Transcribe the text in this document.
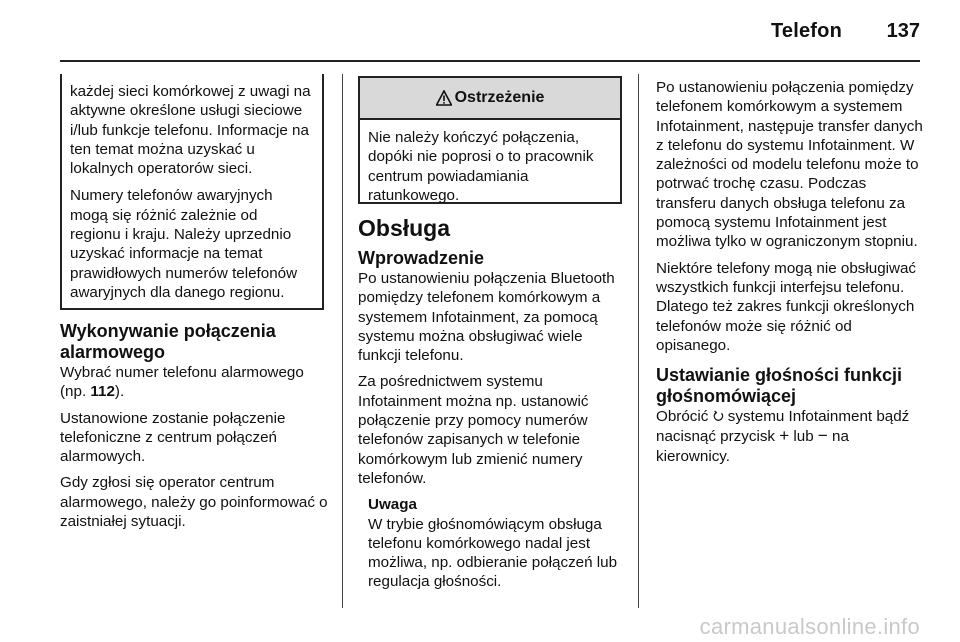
Telefon 137

każdej sieci komórkowej z uwagi na aktywne określone usługi sieciowe i/lub funkcje telefonu. Informacje na ten temat można uzyskać u lokalnych operatorów sieci.

Numery telefonów awaryjnych mogą się różnić zależnie od regionu i kraju. Należy uprzednio uzyskać informacje na temat prawidłowych numerów telefonów awaryjnych dla danego regionu.

Wykonywanie połączenia alarmowego

Wybrać numer telefonu alarmowego (np. 112).

Ustanowione zostanie połączenie telefoniczne z centrum połączeń alarmowych.

Gdy zgłosi się operator centrum alarmowego, należy go poinformować o zaistniałej sytuacji.

Ostrzeżenie
Nie należy kończyć połączenia, dopóki nie poprosi o to pracownik centrum powiadamiania ratunkowego.
Obsługa
Wprowadzenie

Po ustanowieniu połączenia Bluetooth pomiędzy telefonem komórkowym a systemem Infotainment, za pomocą systemu można obsługiwać wiele funkcji telefonu.

Za pośrednictwem systemu Infotainment można np. ustanowić połączenie przy pomocy numerów telefonów zapisanych w telefonie komórkowym lub zmienić numery telefonów.

Uwaga
W trybie głośnomówiącym obsługa telefonu komórkowego nadal jest możliwa, np. odbieranie połączeń lub regulacja głośności.

Po ustanowieniu połączenia pomiędzy telefonem komórkowym a systemem Infotainment, następuje transfer danych z telefonu do systemu Infotainment. W zależności od modelu telefonu może to potrwać trochę czasu. Podczas transferu danych obsługa telefonu za pomocą systemu Infotainment jest możliwa tylko w ograniczonym stopniu.

Niektóre telefony mogą nie obsługiwać wszystkich funkcji interfejsu telefonu. Dlatego też zakres funkcji określonych telefonów może się różnić od opisanego.

Ustawianie głośności funkcji głośnomówiącej

Obrócić  systemu Infotainment bądź nacisnąć przycisk + lub − na kierownicy.

carmanualsonline.info
